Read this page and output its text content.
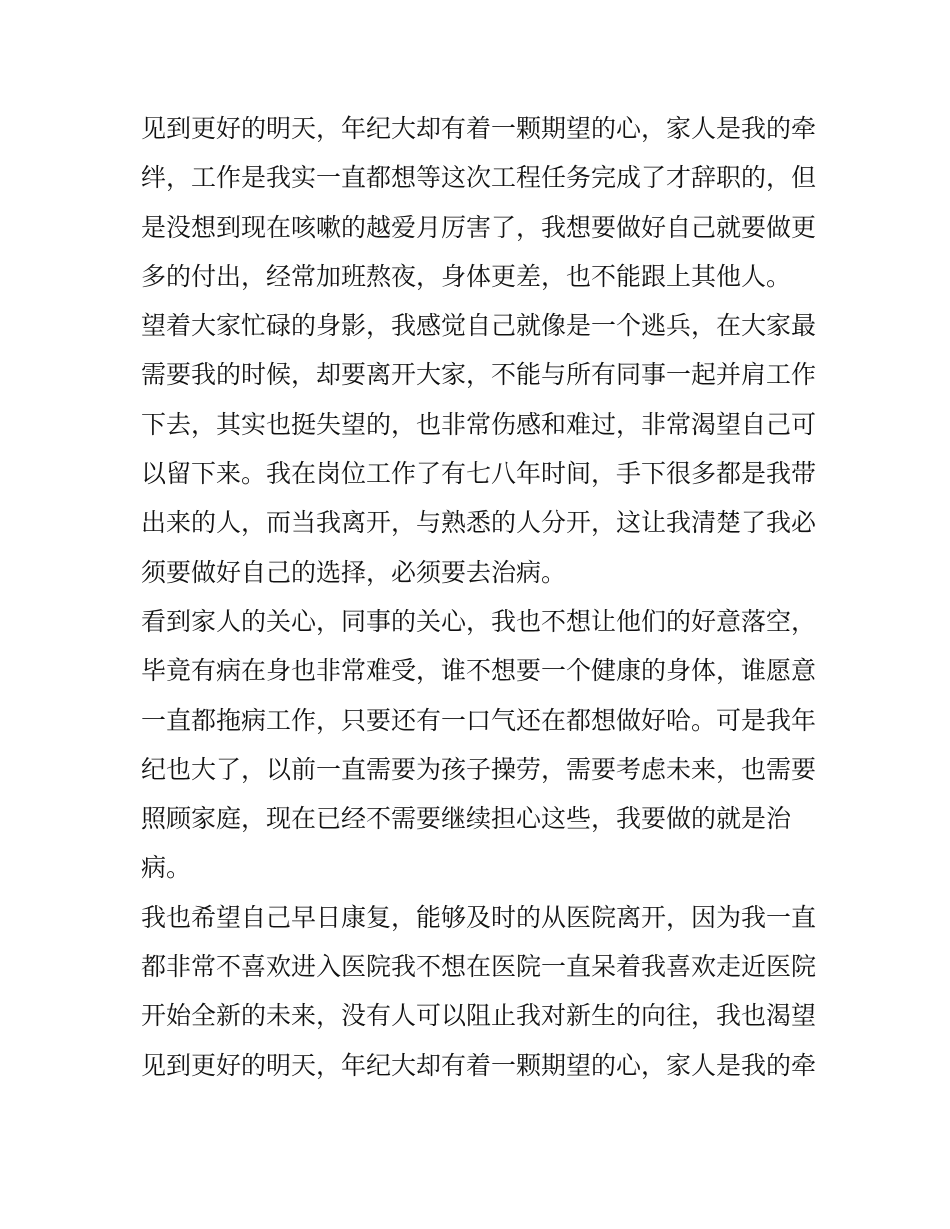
见到更好的明天，年纪大却有着一颗期望的心，家人是我的牵
绊，工作是我实一直都想等这次工程任务完成了才辞职的，但
是没想到现在咳嗽的越爱月厉害了，我想要做好自己就要做更
多的付出，经常加班熬夜，身体更差，也不能跟上其他人。
望着大家忙碌的身影，我感觉自己就像是一个逃兵，在大家最
需要我的时候，却要离开大家，不能与所有同事一起并肩工作
下去，其实也挺失望的，也非常伤感和难过，非常渴望自己可
以留下来。我在岗位工作了有七八年时间，手下很多都是我带
出来的人，而当我离开，与熟悉的人分开，这让我清楚了我必
须要做好自己的选择，必须要去治病。
看到家人的关心，同事的关心，我也不想让他们的好意落空，
毕竟有病在身也非常难受，谁不想要一个健康的身体，谁愿意
一直都拖病工作，只要还有一口气还在都想做好哈。可是我年
纪也大了，以前一直需要为孩子操劳，需要考虑未来，也需要
照顾家庭，现在已经不需要继续担心这些，我要做的就是治
病。
我也希望自己早日康复，能够及时的从医院离开，因为我一直
都非常不喜欢进入医院我不想在医院一直呆着我喜欢走近医院
开始全新的未来，没有人可以阻止我对新生的向往，我也渴望
见到更好的明天，年纪大却有着一颗期望的心，家人是我的牵
